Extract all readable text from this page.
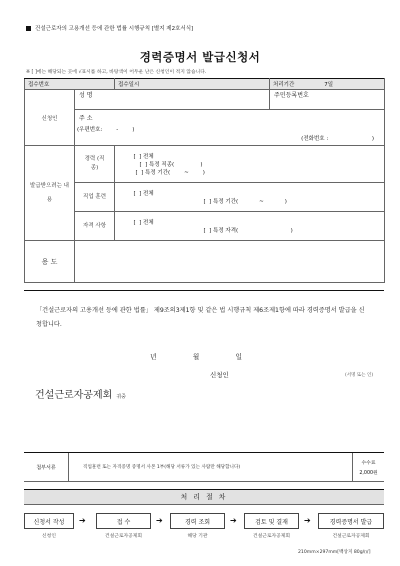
건설근로자의 고용개선 등에 관한 법률 시행규칙 [별지 제2호서식]
경력증명서 발급신청서
※ [ ]에는 해당되는 곳에 √표시를 하고, 바탕색이 어두운 난은 신청인이 적지 않습니다.
접수번호		접수일시	처리기간 7일
신청인	성 명		주민등록번호

	주 소
(우편번호:        -        )
(전화번호 :                         )		

발급받으려는 내용	경력 (직종)	[  ] 전체
[  ] 특정 직종(               )
[  ] 특정 기간(        ~        )	

	직업 훈련	[  ] 전체
[  ] 특정 기간(            ~            )	

	자격 사항	[  ] 전체
[  ] 특정 자격(                              )	

용 도			
「건설근로자의 고용개선 등에 관한 법률」 제9조의3제1항 및 같은 법 시행규칙 제6조제1항에 따라 경력증명서 발급을 신청합니다.
년 월 일
신청인	(서명 또는 인)
건설근로자공제회 귀중
첨부서류	직업훈련 또는 자격증명 증명서 사본 1부(해당 서류가 있는 사람만 해당합니다)
수수료
2,000원
처 리 절 차
신청서 작성	➔	접 수	➔	경력 조회	➔	검토 및 결재	➔	경력증명서 발급
신청인	건설근로자공제회	해당 기관	건설근로자공제회	건설근로자공제회
210mm×297mm[백상지 80g/㎡]
